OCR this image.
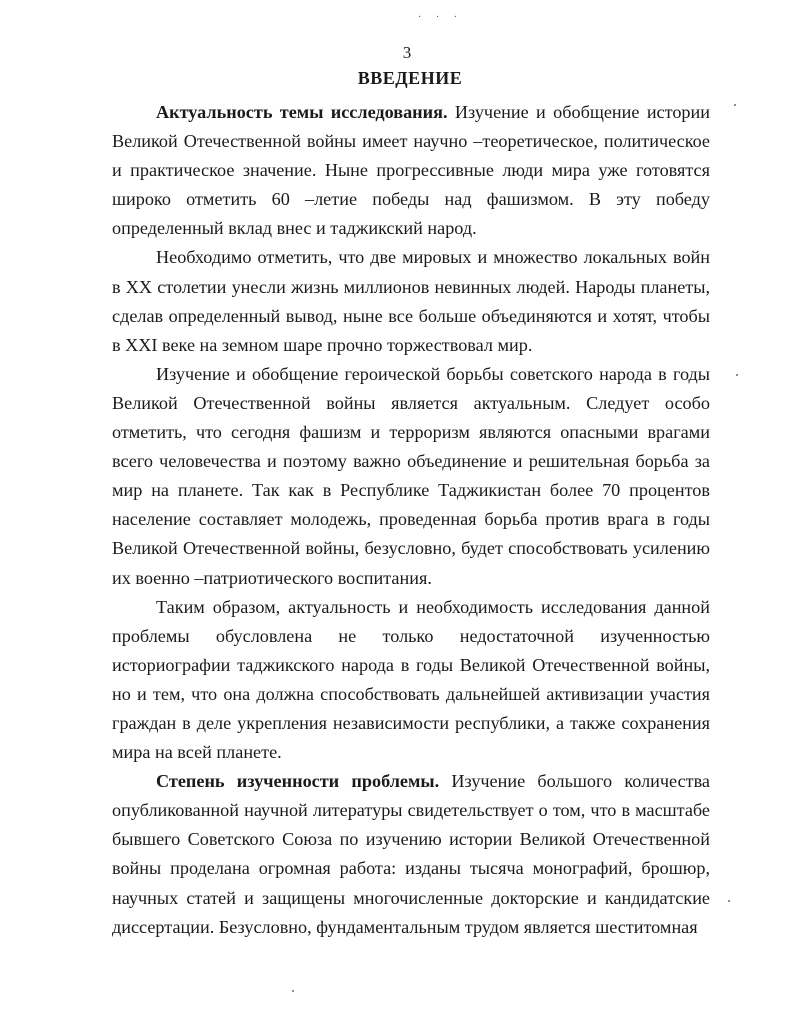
· · ·
3
ВВЕДЕНИЕ

Актуальность темы исследования. Изучение и обобщение истории Великой Отечественной войны имеет научно –теоретическое, политическое и практическое значение. Ныне прогрессивные люди мира уже готовятся широко отметить 60 –летие победы над фашизмом. В эту победу определенный вклад внес и таджикский народ.

Необходимо отметить, что две мировых и множество локальных войн в XX столетии унесли жизнь миллионов невинных людей. Народы планеты, сделав определенный вывод, ныне все больше объединяются и хотят, чтобы в XXI веке на земном шаре прочно торжествовал мир.

Изучение и обобщение героической борьбы советского народа в годы Великой Отечественной войны является актуальным. Следует особо отметить, что сегодня фашизм и терроризм являются опасными врагами всего человечества и поэтому важно объединение и решительная борьба за мир на планете. Так как в Республике Таджикистан более 70 процентов население составляет молодежь, проведенная борьба против врага в годы Великой Отечественной войны, безусловно, будет способствовать усилению их военно –патриотического воспитания.

Таким образом, актуальность и необходимость исследования данной проблемы обусловлена не только недостаточной изученностью историографии таджикского народа в годы Великой Отечественной войны, но и тем, что она должна способствовать дальнейшей активизации участия граждан в деле укрепления независимости республики, а также сохранения мира на всей планете.

Степень изученности проблемы. Изучение большого количества опубликованной научной литературы свидетельствует о том, что в масштабе бывшего Советского Союза по изучению истории Великой Отечественной войны проделана огромная работа: изданы тысяча монографий, брошюр, научных статей и защищены многочисленные докторские и кандидатские диссертации. Безусловно, фундаментальным трудом является шеститомная
